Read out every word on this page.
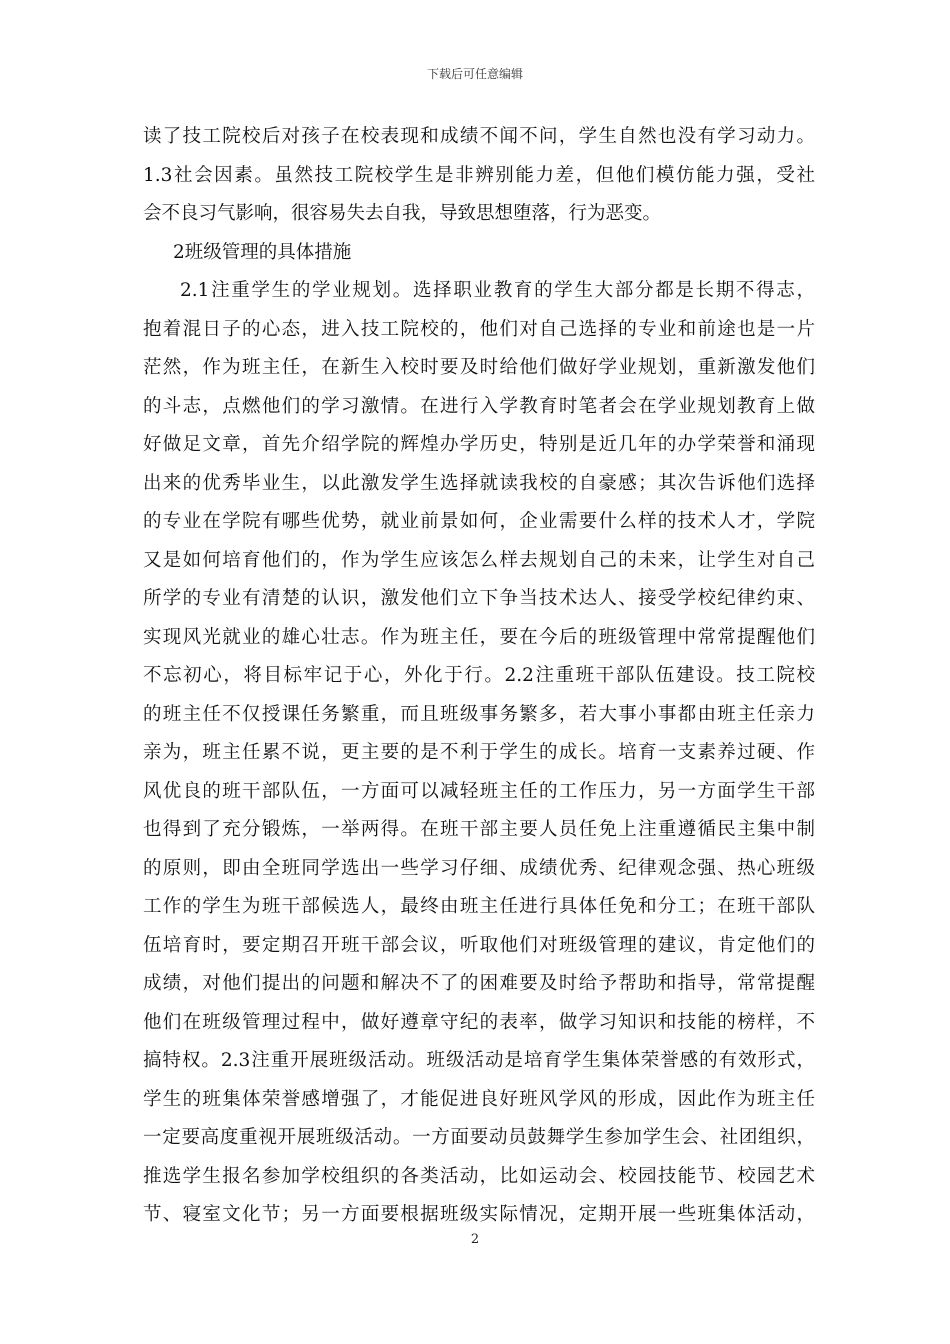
下载后可任意编辑
读了技工院校后对孩子在校表现和成绩不闻不问，学生自然也没有学习动力。
1.3社会因素。虽然技工院校学生是非辨别能力差，但他们模仿能力强，受社
会不良习气影响，很容易失去自我，导致思想堕落，行为恶变。
2班级管理的具体措施
2.1注重学生的学业规划。选择职业教育的学生大部分都是长期不得志，
抱着混日子的心态，进入技工院校的，他们对自己选择的专业和前途也是一片
茫然，作为班主任，在新生入校时要及时给他们做好学业规划，重新激发他们
的斗志，点燃他们的学习激情。在进行入学教育时笔者会在学业规划教育上做
好做足文章，首先介绍学院的辉煌办学历史，特别是近几年的办学荣誉和涌现
出来的优秀毕业生，以此激发学生选择就读我校的自豪感；其次告诉他们选择
的专业在学院有哪些优势，就业前景如何，企业需要什么样的技术人才，学院
又是如何培育他们的，作为学生应该怎么样去规划自己的未来，让学生对自己
所学的专业有清楚的认识，激发他们立下争当技术达人、接受学校纪律约束、
实现风光就业的雄心壮志。作为班主任，要在今后的班级管理中常常提醒他们
不忘初心，将目标牢记于心，外化于行。2.2注重班干部队伍建设。技工院校
的班主任不仅授课任务繁重，而且班级事务繁多，若大事小事都由班主任亲力
亲为，班主任累不说，更主要的是不利于学生的成长。培育一支素养过硬、作
风优良的班干部队伍，一方面可以减轻班主任的工作压力，另一方面学生干部
也得到了充分锻炼，一举两得。在班干部主要人员任免上注重遵循民主集中制
的原则，即由全班同学选出一些学习仔细、成绩优秀、纪律观念强、热心班级
工作的学生为班干部候选人，最终由班主任进行具体任免和分工；在班干部队
伍培育时，要定期召开班干部会议，听取他们对班级管理的建议，肯定他们的
成绩，对他们提出的问题和解决不了的困难要及时给予帮助和指导，常常提醒
他们在班级管理过程中，做好遵章守纪的表率，做学习知识和技能的榜样，不
搞特权。2.3注重开展班级活动。班级活动是培育学生集体荣誉感的有效形式，
学生的班集体荣誉感增强了，才能促进良好班风学风的形成，因此作为班主任
一定要高度重视开展班级活动。一方面要动员鼓舞学生参加学生会、社团组织，
推选学生报名参加学校组织的各类活动，比如运动会、校园技能节、校园艺术
节、寝室文化节；另一方面要根据班级实际情况，定期开展一些班集体活动，
2
